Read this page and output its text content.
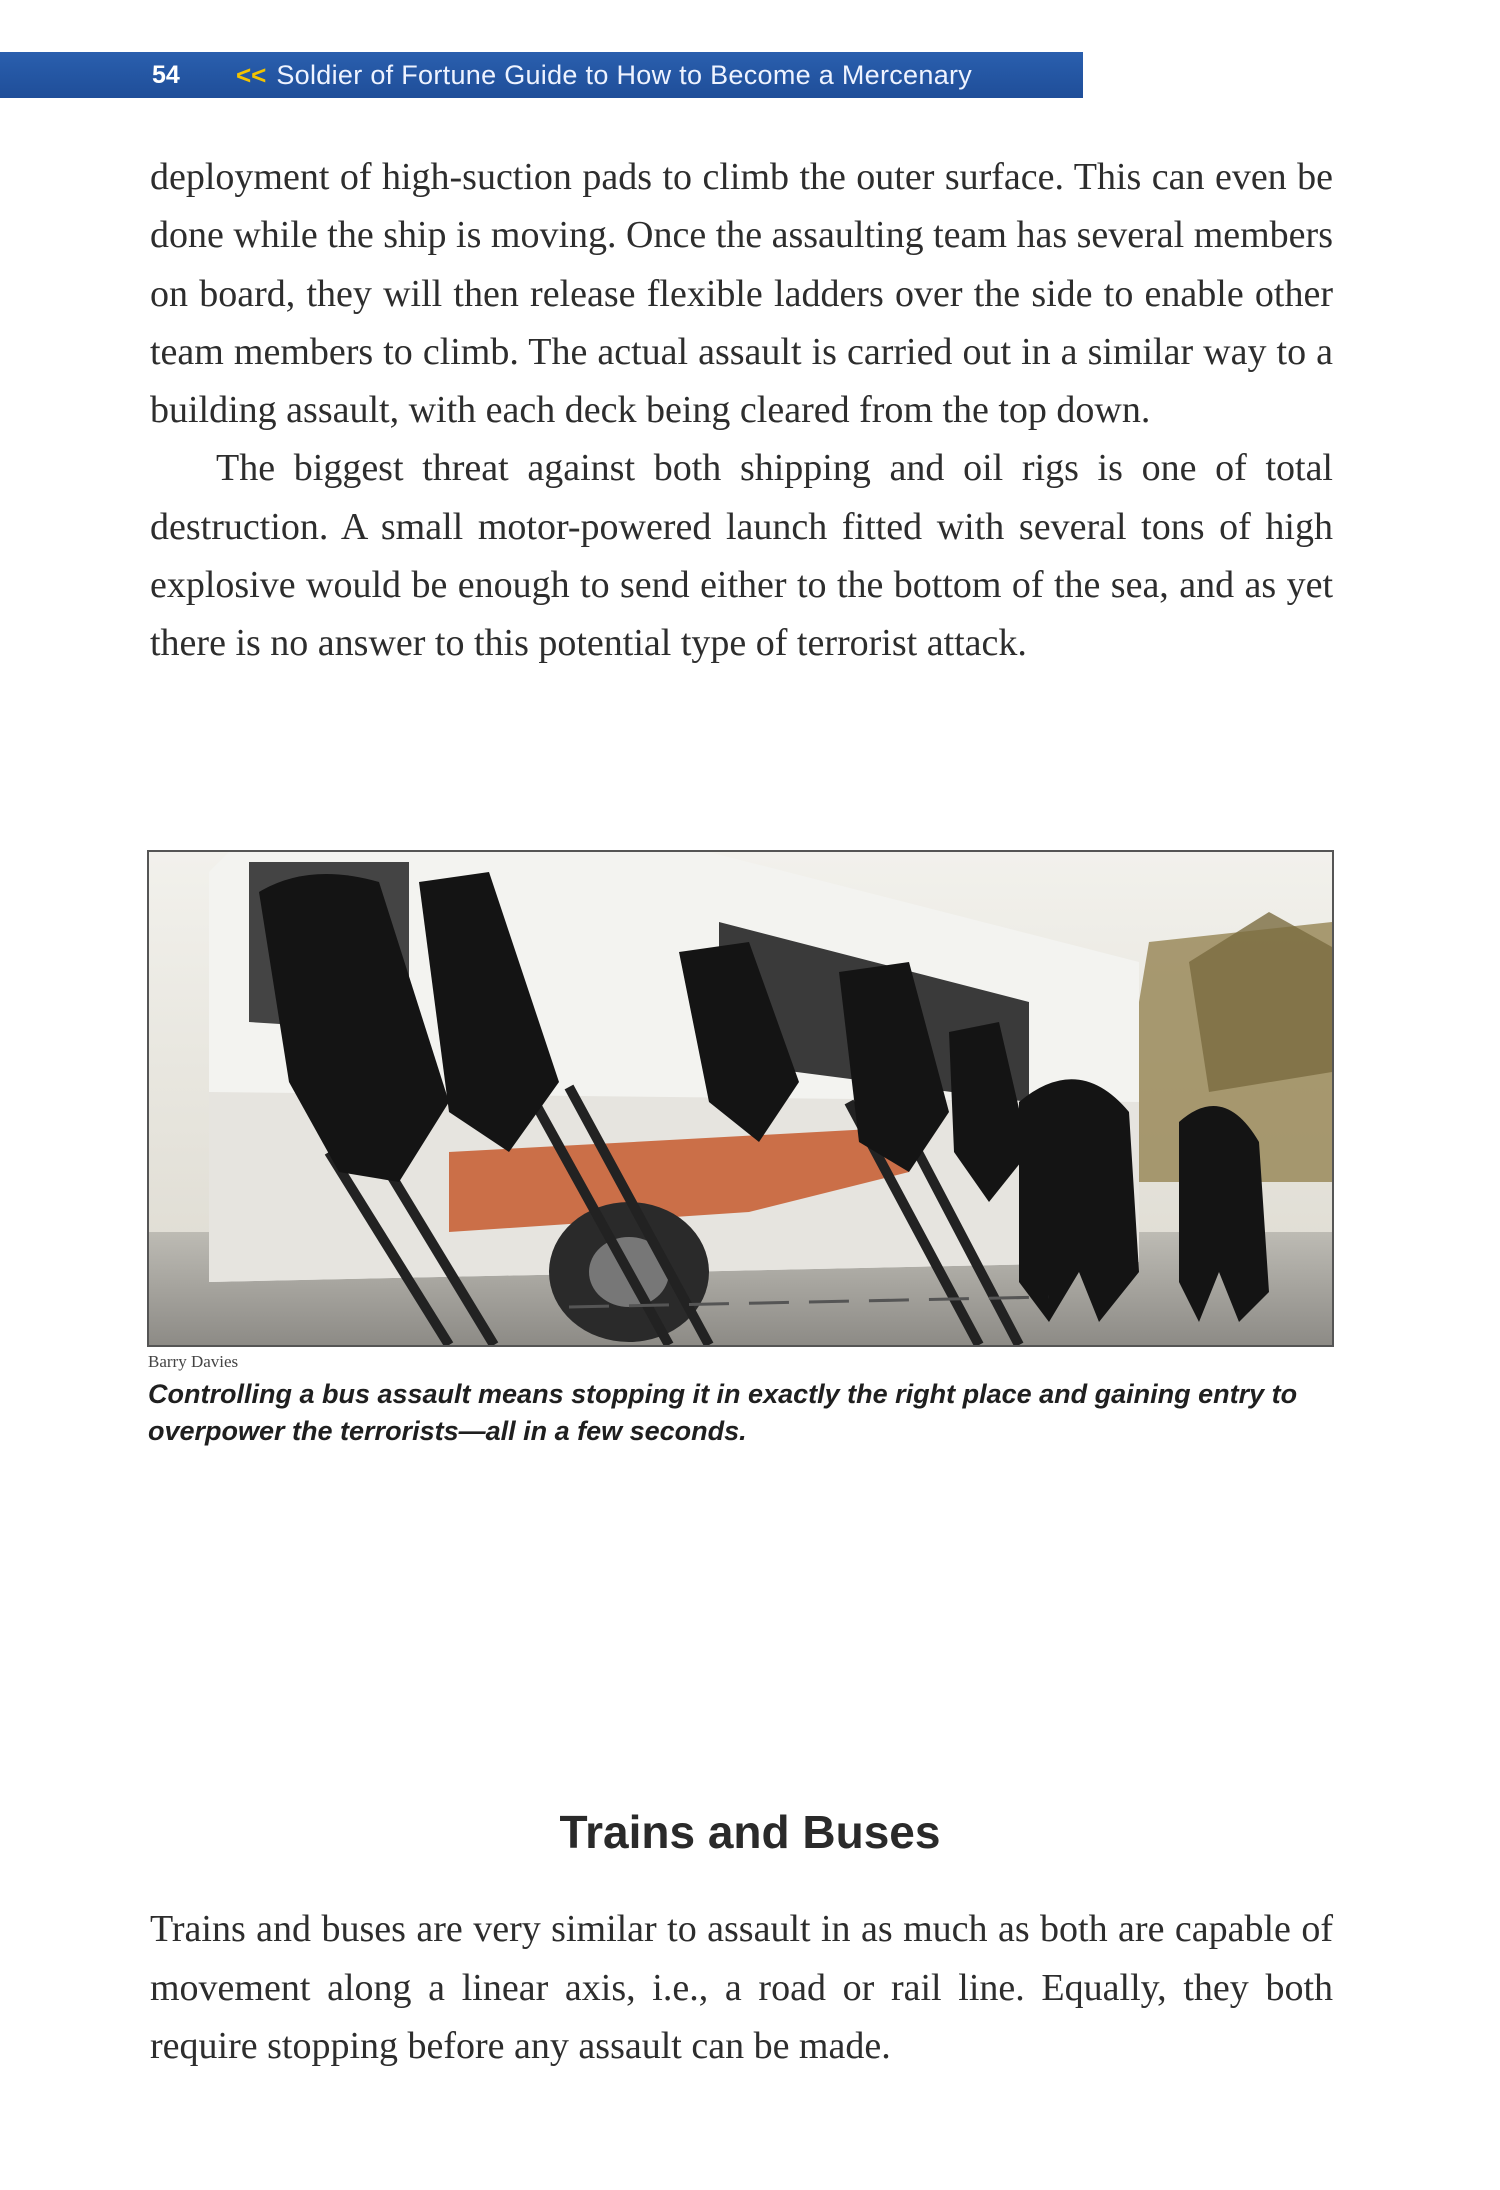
54	<< Soldier of Fortune Guide to How to Become a Mercenary

deployment of high-suction pads to climb the outer surface. This can even be done while the ship is moving. Once the assaulting team has several members on board, they will then release flexible ladders over the side to enable other team members to climb. The actual assault is carried out in a similar way to a building assault, with each deck being cleared from the top down.

The biggest threat against both shipping and oil rigs is one of total destruction. A small motor-powered launch fitted with several tons of high explosive would be enough to send either to the bottom of the sea, and as yet there is no answer to this potential type of terrorist attack.

Barry Davies

Controlling a bus assault means stopping it in exactly the right place and gaining entry to overpower the terrorists—all in a few seconds.

Trains and Buses

Trains and buses are very similar to assault in as much as both are capable of movement along a linear axis, i.e., a road or rail line. Equally, they both require stopping before any assault can be made.
